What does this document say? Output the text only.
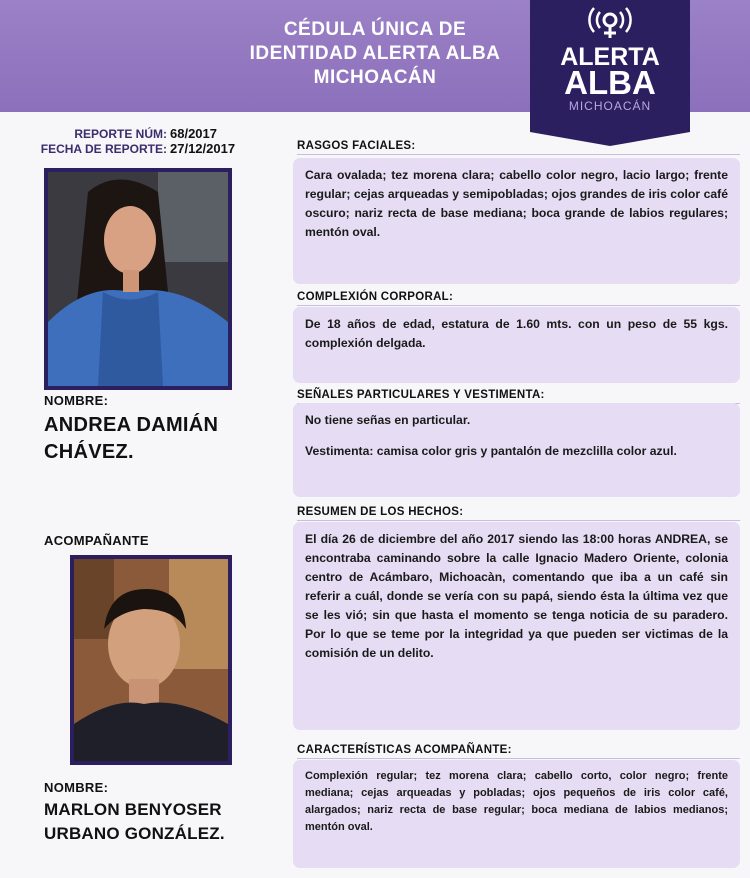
CÉDULA ÚNICA DE
IDENTIDAD ALERTA ALBA
MICHOACÁN
ALERTA
ALBA
MICHOACÁN
REPORTE NÚM: 68/2017
FECHA DE REPORTE: 27/12/2017
NOMBRE:
ANDREA DAMIÁN
CHÁVEZ.
ACOMPAÑANTE
NOMBRE:
MARLON BENYOSER
URBANO GONZÁLEZ.
RASGOS FACIALES:

Cara ovalada; tez morena clara; cabello color negro, lacio largo; frente regular; cejas arqueadas y semipobladas; ojos grandes de iris color café oscuro; nariz recta de base mediana; boca grande de labios regulares; mentón oval.

COMPLEXIÓN CORPORAL:

De 18 años de edad, estatura de 1.60 mts. con un peso de 55 kgs. complexión delgada.

SEÑALES PARTICULARES Y VESTIMENTA:

No tiene señas en particular.

Vestimenta: camisa color gris y pantalón de mezclilla color azul.

RESUMEN DE LOS HECHOS:

El día 26 de diciembre del año 2017 siendo las 18:00 horas ANDREA, se encontraba caminando sobre la calle Ignacio Madero Oriente, colonia centro de Acámbaro, Michoacàn, comentando que iba a un café sin referir a cuál, donde se vería con su papá, siendo ésta la última vez que se les vió; sin que hasta el momento se tenga noticia de su paradero. Por lo que se teme por la integridad ya que pueden ser victimas de la comisión de un delito.

CARACTERÍSTICAS ACOMPAÑANTE:

Complexión regular; tez morena clara; cabello corto, color negro; frente mediana; cejas arqueadas y pobladas; ojos pequeños de iris color café, alargados; nariz recta de base regular; boca mediana de labios medianos; mentón oval.
